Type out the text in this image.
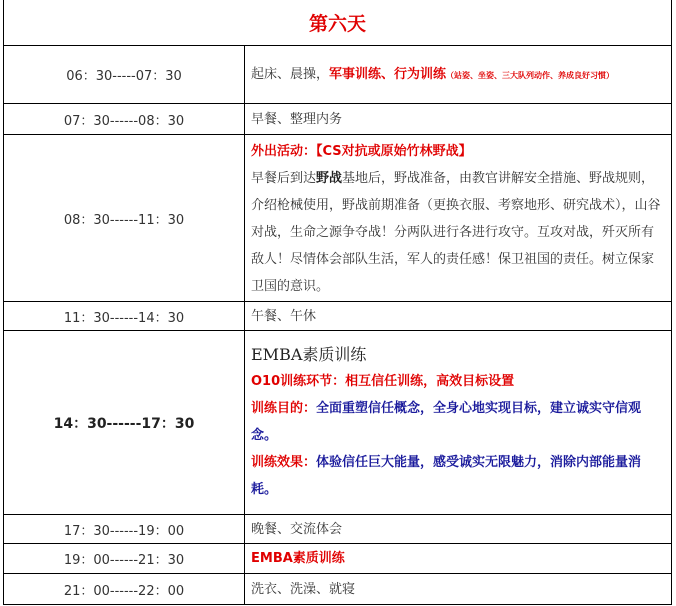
第六天	
06：30-----07：30	起床、晨操，军事训练、行为训练（站姿、坐姿、三大队列动作、养成良好习惯）
07：30------08：30	早餐、整理内务
08：30------11：30	外出活动：【CS对抗或原始竹林野战】
早餐后到达野战基地后，野战准备，由教官讲解安全措施、野战规则，介绍枪械使用，野战前期准备（更换衣服、考察地形、研究战术），山谷对战，生命之源争夺战！分两队进行各进行攻守。互攻对战，歼灭所有敌人！尽情体会部队生活，军人的责任感！保卫祖国的责任。树立保家卫国的意识。

11：30------14：30	午餐、午休
14：30------17：30	EMBA素质训练
O10训练环节：相互信任训练，高效目标设置
训练目的：全面重塑信任概念，全身心地实现目标，建立诚实守信观念。
训练效果：体验信任巨大能量，感受诚实无限魅力，消除内部能量消耗。

17：30------19：00	晚餐、交流体会
19：00------21：30	EMBA素质训练
21：00------22：00	洗衣、洗澡、就寝
